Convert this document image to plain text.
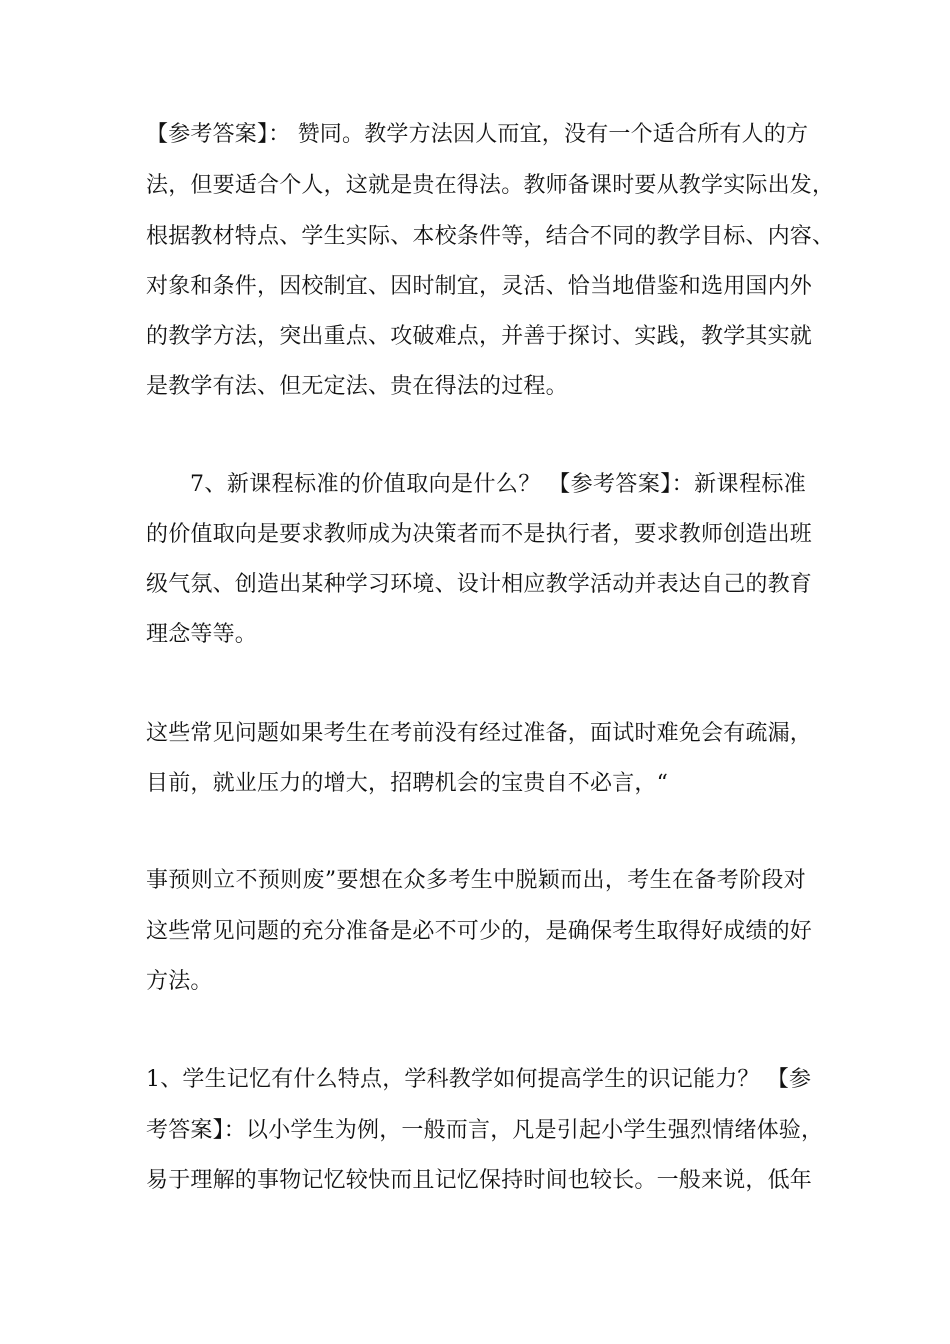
【参考答案】： 赞同。教学方法因人而宜，没有一个适合所有人的方
法，但要适合个人，这就是贵在得法。教师备课时要从教学实际出发，
根据教材特点、学生实际、本校条件等，结合不同的教学目标、内容、
对象和条件，因校制宜、因时制宜，灵活、恰当地借鉴和选用国内外
的教学方法，突出重点、攻破难点，并善于探讨、实践，教学其实就
是教学有法、但无定法、贵在得法的过程。
7、新课程标准的价值取向是什么？ 【参考答案】：新课程标准
的价值取向是要求教师成为决策者而不是执行者，要求教师创造出班
级气氛、创造出某种学习环境、设计相应教学活动并表达自己的教育
理念等等。
这些常见问题如果考生在考前没有经过准备，面试时难免会有疏漏，
目前，就业压力的增大，招聘机会的宝贵自不必言，“
事预则立不预则废”要想在众多考生中脱颖而出，考生在备考阶段对
这些常见问题的充分准备是必不可少的，是确保考生取得好成绩的好
方法。
1、学生记忆有什么特点，学科教学如何提高学生的识记能力？ 【参
考答案】：以小学生为例，一般而言，凡是引起小学生强烈情绪体验，
易于理解的事物记忆较快而且记忆保持时间也较长。一般来说，低年
